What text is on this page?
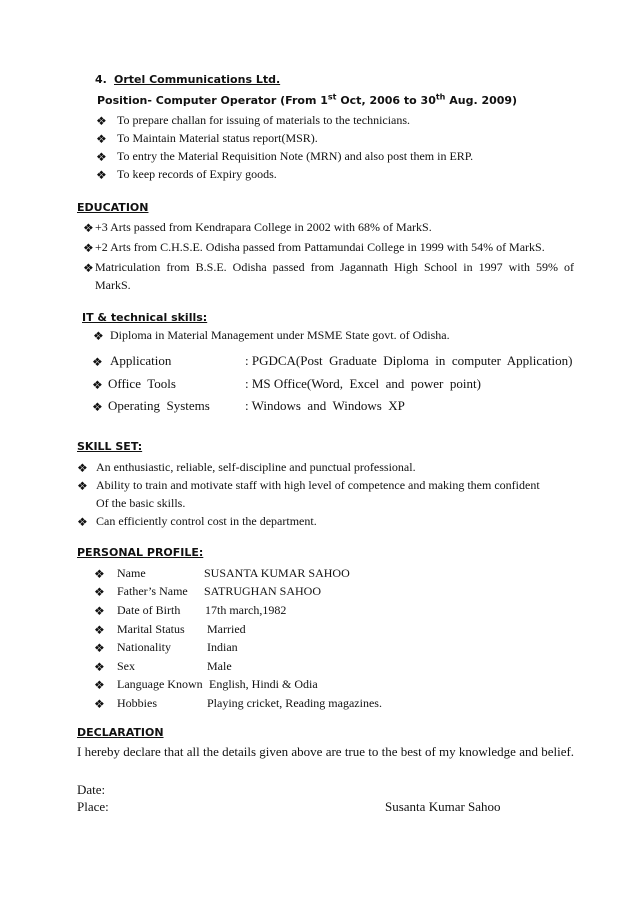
4. Ortel Communications Ltd.
Position- Computer Operator (From 1st Oct, 2006 to 30th Aug. 2009)
❖ To prepare challan for issuing of materials to the technicians.
❖ To Maintain Material status report(MSR).
❖ To entry the Material Requisition Note (MRN) and also post them in ERP.
❖ To keep records of Expiry goods.
EDUCATION
❖ +3 Arts passed from Kendrapara College in 2002 with 68% of MarkS.
❖ +2 Arts from C.H.S.E. Odisha passed from Pattamundai College in 1999 with 54% of MarkS.
❖ Matriculation  from  B.S.E.  Odisha  passed  from  Jagannath  High  School  in  1997  with  59%  of
MarkS.
IT & technical skills:
❖ Diploma in Material Management under MSME State govt. of Odisha.
❖ Application	: PGDCA(Post  Graduate  Diploma  in  computer  Application)
❖ Office  Tools	: MS Office(Word,  Excel  and  power  point)
❖ Operating  Systems	: Windows  and  Windows  XP
SKILL SET:
❖ An enthusiastic, reliable, self-discipline and punctual professional.
❖ Ability to train and motivate staff with high level of competence and making them confident
Of the basic skills.
❖ Can efficiently control cost in the department.
PERSONAL PROFILE:
❖ Name	SUSANTA KUMAR SAHOO
❖ Father’s Name SATRUGHAN SAHOO
❖ Date of Birth 17th march,1982
❖ Marital Status Married
❖ Nationality	Indian
❖ Sex	Male
❖ Language Known English, Hindi & Odia
❖ Hobbies	Playing cricket, Reading magazines.
DECLARATION
I hereby declare that all the details given above are true to the best of my knowledge and belief.
Date:
Place:	Susanta Kumar Sahoo
